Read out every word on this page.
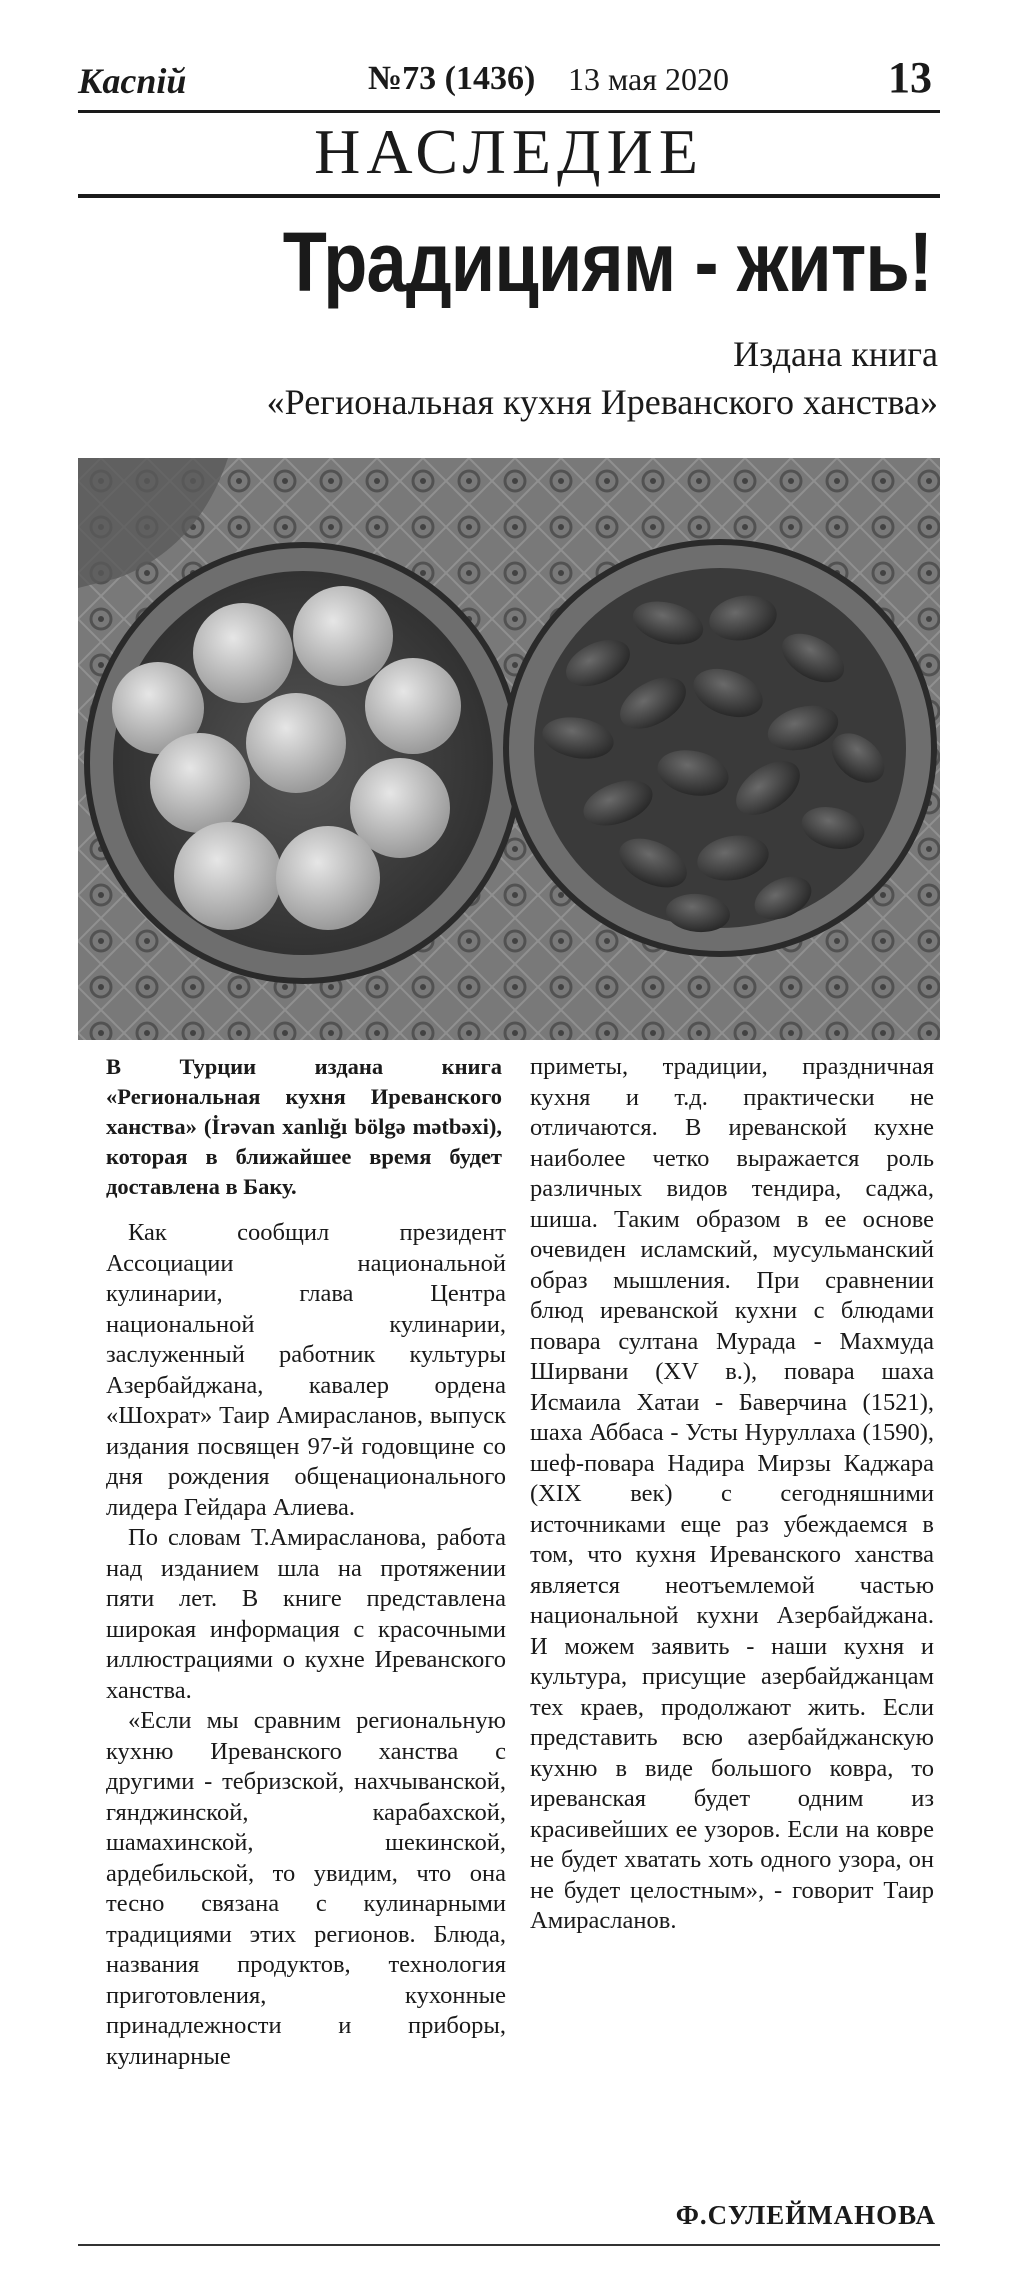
Каспiй	№73 (1436) 13 мая 2020	13
НАСЛЕДИЕ
Традициям - жить!
Издана книга
«Региональная кухня Иреванского ханства»
В Турции издана книга «Региональная кухня Иреванского ханства» (İrəvan xanlığı bölgə mətbəxi), которая в ближайшее время будет доставлена в Баку.

Как сообщил президент Ассоциации национальной кулинарии, глава Центра национальной кулинарии, заслуженный работник культуры Азербайджана, кавалер ордена «Шохрат» Таир Амирасланов, выпуск издания посвящен 97-й годовщине со дня рождения общенационального лидера Гейдара Алиева.

По словам Т.Амирасланова, работа над изданием шла на протяжении пяти лет. В книге представлена широкая информация с красочными иллюстрациями о кухне Иреванского ханства.

«Если мы сравним региональную кухню Иреванского ханства с другими - тебризской, нахчыванской, гянджинской, карабахской, шамахинской, шекинской, ардебильской, то увидим, что она тесно связана с кулинарными традициями этих регионов. Блюда, названия продуктов, технология приготовления, кухонные принадлежности и приборы, кулинарные

приметы, традиции, праздничная кухня и т.д. практически не отличаются. В иреванской кухне наиболее четко выражается роль различных видов тендира, саджа, шиша. Таким образом в ее основе очевиден исламский, мусульманский образ мышления. При сравнении блюд иреванской кухни с блюдами повара султана Мурада - Махмуда Ширвани (XV в.), повара шаха Исмаила Хатаи - Баверчина (1521), шаха Аббаса - Усты Нуруллаха (1590), шеф-повара Надира Мирзы Каджара (XIX век) с сегодняшними источниками еще раз убеждаемся в том, что кухня Иреванского ханства является неотъемлемой частью национальной кухни Азербайджана. И можем заявить - наши кухня и культура, присущие азербайджанцам тех краев, продолжают жить. Если представить всю азербайджанскую кухню в виде большого ковра, то иреванская будет одним из красивейших ее узоров. Если на ковре не будет хватать хоть одного узора, он не будет целостным», - говорит Таир Амирасланов.

Ф.СУЛЕЙМАНОВА
